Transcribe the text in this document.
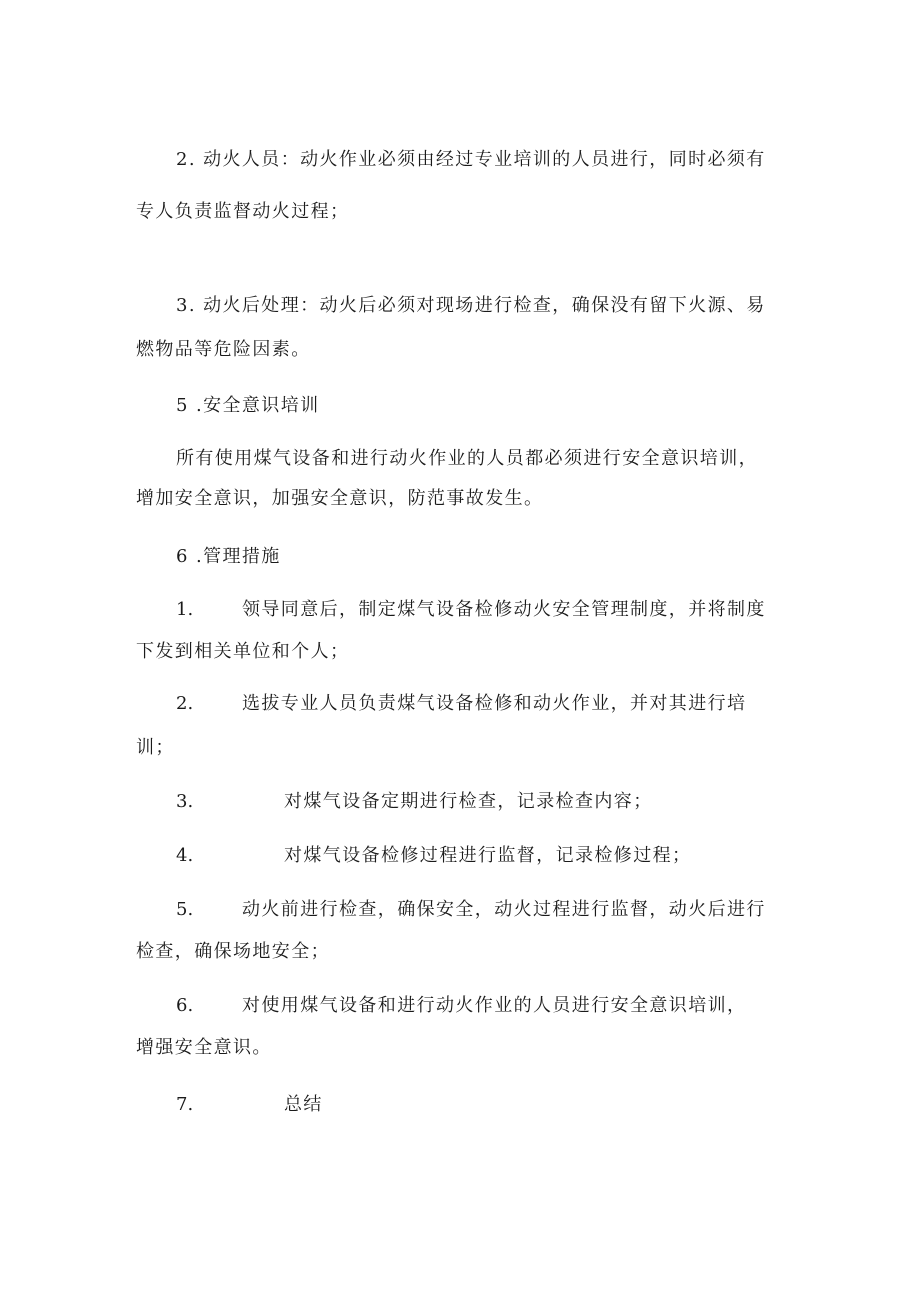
2. 动火人员：动火作业必须由经过专业培训的人员进行，同时必须有
专人负责监督动火过程；
3. 动火后处理：动火后必须对现场进行检查，确保没有留下火源、易
燃物品等危险因素。
5 .安全意识培训
所有使用煤气设备和进行动火作业的人员都必须进行安全意识培训，
增加安全意识，加强安全意识，防范事故发生。
6 .管理措施
1.	领导同意后，制定煤气设备检修动火安全管理制度，并将制度
下发到相关单位和个人；
2.	选拔专业人员负责煤气设备检修和动火作业，并对其进行培
训；
3.	对煤气设备定期进行检查，记录检查内容；
4.	对煤气设备检修过程进行监督，记录检修过程；
5.	动火前进行检查，确保安全，动火过程进行监督，动火后进行
检查，确保场地安全；
6.	对使用煤气设备和进行动火作业的人员进行安全意识培训，
增强安全意识。
7.	总结
